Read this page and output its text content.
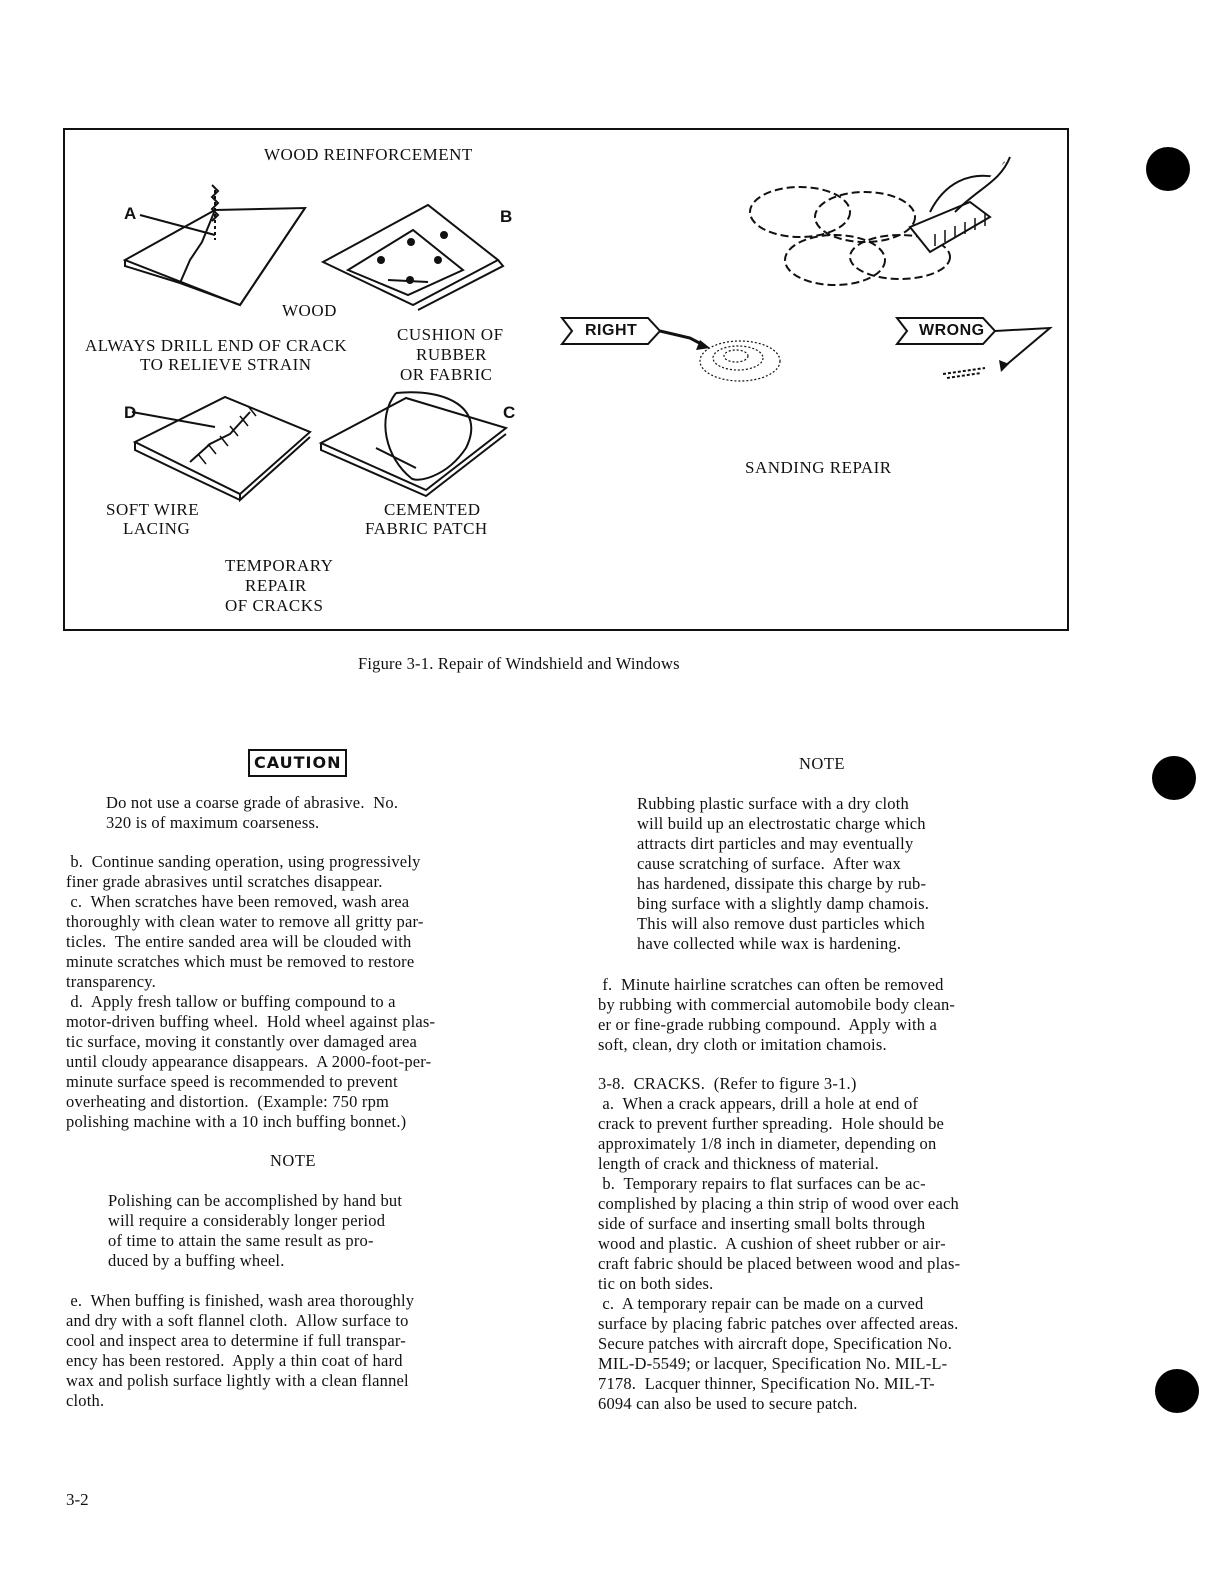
WOOD REINFORCEMENT
A	B
WOOD
ALWAYS DRILL END OF CRACK
TO RELIEVE STRAIN
CUSHION OF
RUBBER
OR FABRIC
D	C
SOFT WIRE
LACING
CEMENTED
FABRIC PATCH
TEMPORARY
REPAIR
OF CRACKS
RIGHT	WRONG
SANDING REPAIR
Figure 3-1. Repair of Windshield and Windows
CAUTION
Do not use a coarse grade of abrasive.  No.
320 is of maximum coarseness.
b.  Continue sanding operation, using progressively
finer grade abrasives until scratches disappear.
c.  When scratches have been removed, wash area
thoroughly with clean water to remove all gritty par-
ticles.  The entire sanded area will be clouded with
minute scratches which must be removed to restore
transparency.
d.  Apply fresh tallow or buffing compound to a
motor-driven buffing wheel.  Hold wheel against plas-
tic surface, moving it constantly over damaged area
until cloudy appearance disappears.  A 2000-foot-per-
minute surface speed is recommended to prevent
overheating and distortion.  (Example: 750 rpm
polishing machine with a 10 inch buffing bonnet.)
NOTE
Polishing can be accomplished by hand but
will require a considerably longer period
of time to attain the same result as pro-
duced by a buffing wheel.
e.  When buffing is finished, wash area thoroughly
and dry with a soft flannel cloth.  Allow surface to
cool and inspect area to determine if full transpar-
ency has been restored.  Apply a thin coat of hard
wax and polish surface lightly with a clean flannel
cloth.
NOTE
Rubbing plastic surface with a dry cloth
will build up an electrostatic charge which
attracts dirt particles and may eventually
cause scratching of surface.  After wax
has hardened, dissipate this charge by rub-
bing surface with a slightly damp chamois.
This will also remove dust particles which
have collected while wax is hardening.
f.  Minute hairline scratches can often be removed
by rubbing with commercial automobile body clean-
er or fine-grade rubbing compound.  Apply with a
soft, clean, dry cloth or imitation chamois.
3-8.  CRACKS.  (Refer to figure 3-1.)
a.  When a crack appears, drill a hole at end of
crack to prevent further spreading.  Hole should be
approximately 1/8 inch in diameter, depending on
length of crack and thickness of material.
b.  Temporary repairs to flat surfaces can be ac-
complished by placing a thin strip of wood over each
side of surface and inserting small bolts through
wood and plastic.  A cushion of sheet rubber or air-
craft fabric should be placed between wood and plas-
tic on both sides.
c.  A temporary repair can be made on a curved
surface by placing fabric patches over affected areas.
Secure patches with aircraft dope, Specification No.
MIL-D-5549; or lacquer, Specification No. MIL-L-
7178.  Lacquer thinner, Specification No. MIL-T-
6094 can also be used to secure patch.
3-2
